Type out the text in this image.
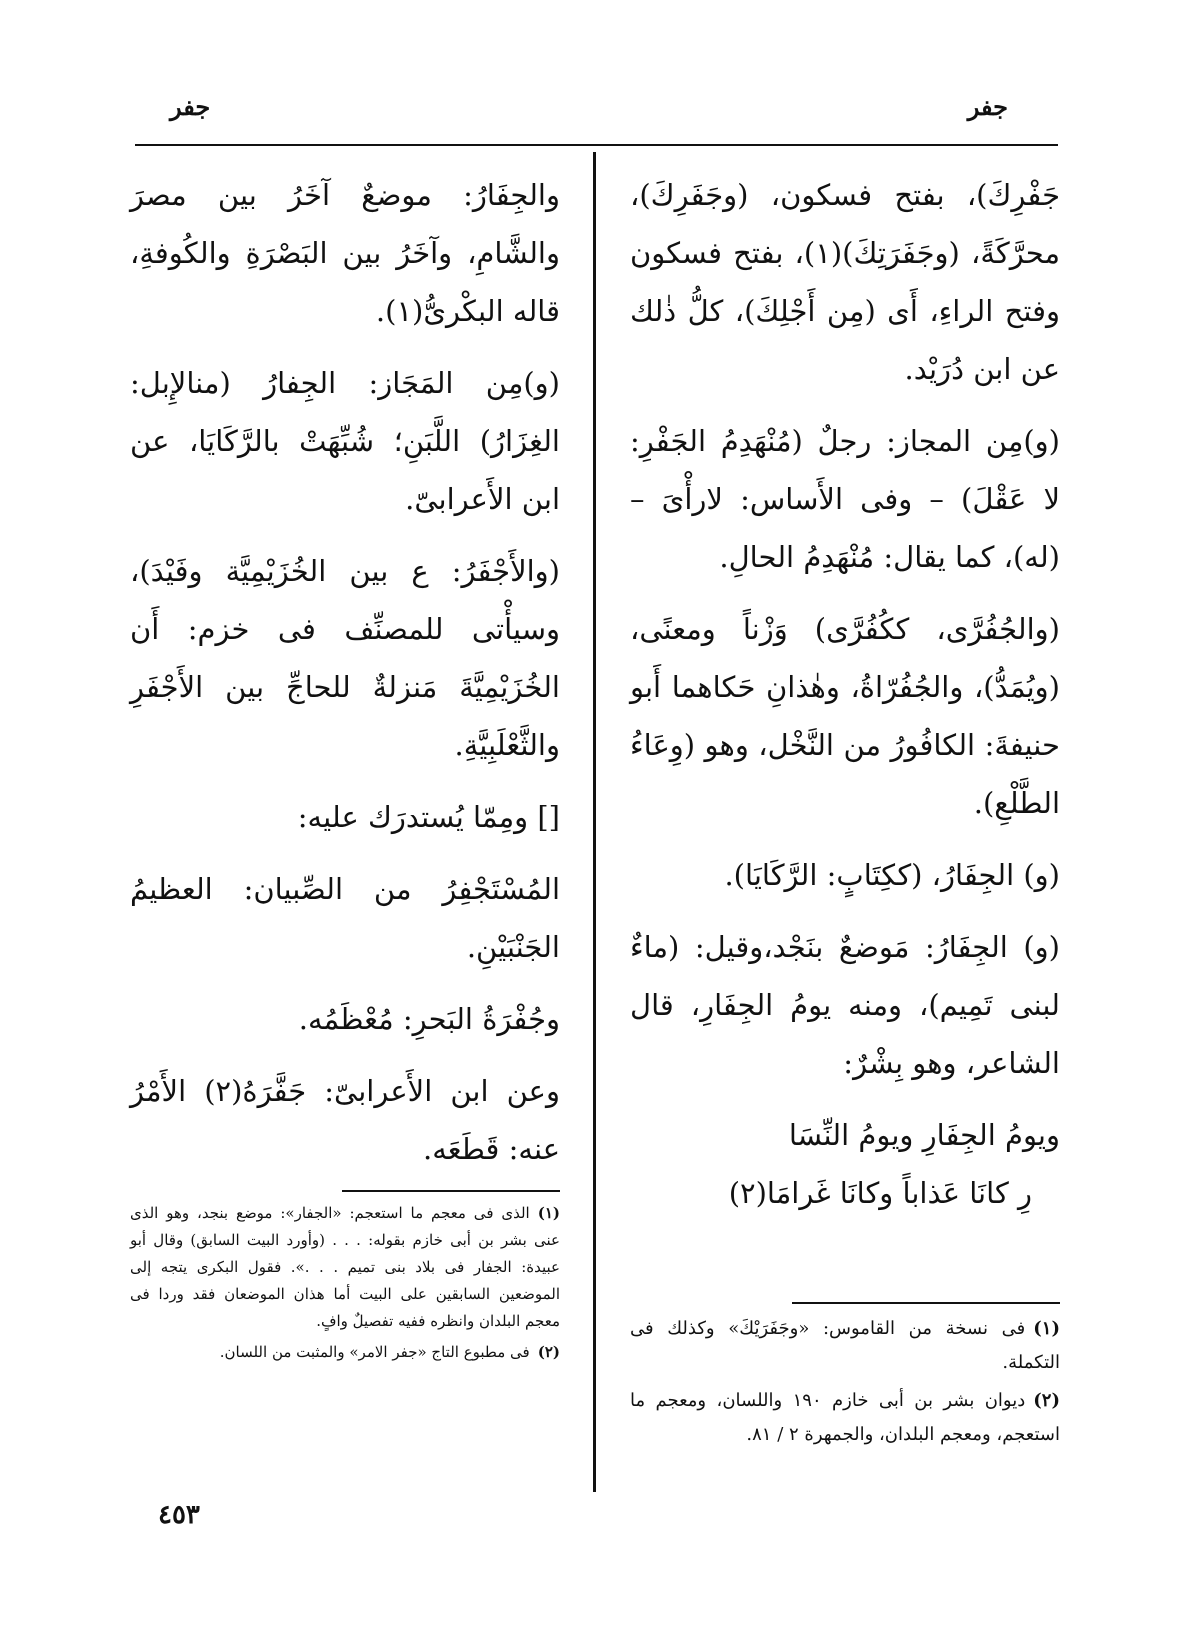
جفر
جفر

جَفْرِكَ)، بفتح فسكون، (وجَفَرِكَ)، محرَّكَةً، (وجَفَرَتِكَ)(١)، بفتح فسكون وفتح الراءِ، أَى (مِن أَجْلِكَ)، كلُّ ذٰلك عن ابن دُرَيْد.

(و)مِن المجاز: رجلٌ (مُنْهَدِمُ الجَفْرِ: لا عَقْلَ) – وفى الأَساس: لارأْىَ – (له)، كما يقال: مُنْهَدِمُ الحالِ.

(والجُفُرَّى، ككُفُرَّى) وَزْناً ومعنًى، (ويُمَدُّ)، والجُفُرّاةُ، وهٰذانِ حَكاهما أَبو حنيفةَ: الكافُورُ من النَّخْل، وهو (وِعَاءُ الطَّلْعِ).

(و) الجِفَارُ، (ككِتَابٍ: الرَّكَايَا).

(و) الجِفَارُ: مَوضعٌ بنَجْد،وقيل: (ماءٌ لبنى تَمِيم)، ومنه يومُ الجِفَارِ، قال الشاعر، وهو بِشْرٌ:

ويومُ الجِفَارِ ويومُ النِّسَا
رِ كانَا عَذاباً وكانَا غَرامَا(٢)

والجِفَارُ: موضعٌ آخَرُ بين مصرَ والشَّامِ، وآخَرُ بين البَصْرَةِ والكُوفةِ، قاله البكْرىُّ(١).

(و)مِن المَجَاز: الجِفارُ (منالإِبل: الغِزَارُ) اللَّبَنِ؛ شُبِّهَتْ بالرَّكَايَا، عن ابن الأَعرابىّ.

(والأَجْفَرُ: ع بين الخُزَيْمِيَّة وفَيْدَ)، وسيأْتى للمصنِّف فى خزم: أَن الخُزَيْمِيَّةَ مَنزلةٌ للحاجِّ بين الأَجْفَرِ والثَّعْلَبِيَّةِ.

[] ومِمّا يُستدرَك عليه:

المُسْتَجْفِرُ من الصِّبيان: العظيمُ الجَنْبَيْنِ.

وجُفْرَةُ البَحرِ: مُعْظَمُه.

وعن ابن الأَعرابىّ: جَفَّرَهُ(٢) الأَمْرُ عنه: قَطَعَه.

(١)فى نسخة من القاموس: «وجَفَرَيْكَ» وكذلك فى التكملة.

(٢)ديوان بشر بن أبى خازم ١٩٠ واللسان، ومعجم ما استعجم، ومعجم البلدان، والجمهرة ٢ / ٨١.

(١)الذى فى معجم ما استعجم: «الجفار»: موضع بنجد، وهو الذى عنى بشر بن أبى خازم بقوله: . . . (وأورد البيت السابق) وقال أبو عبيدة: الجفار فى بلاد بنى تميم . . .». فقول البكرى يتجه إلى الموضعين السابقين على البيت أما هذان الموضعان فقد وردا فى معجم البلدان وانظره ففيه تفصيلٌ وافٍ.

(٢)فى مطبوع التاج «جفر الامر» والمثبت من اللسان.

٤٥٣
